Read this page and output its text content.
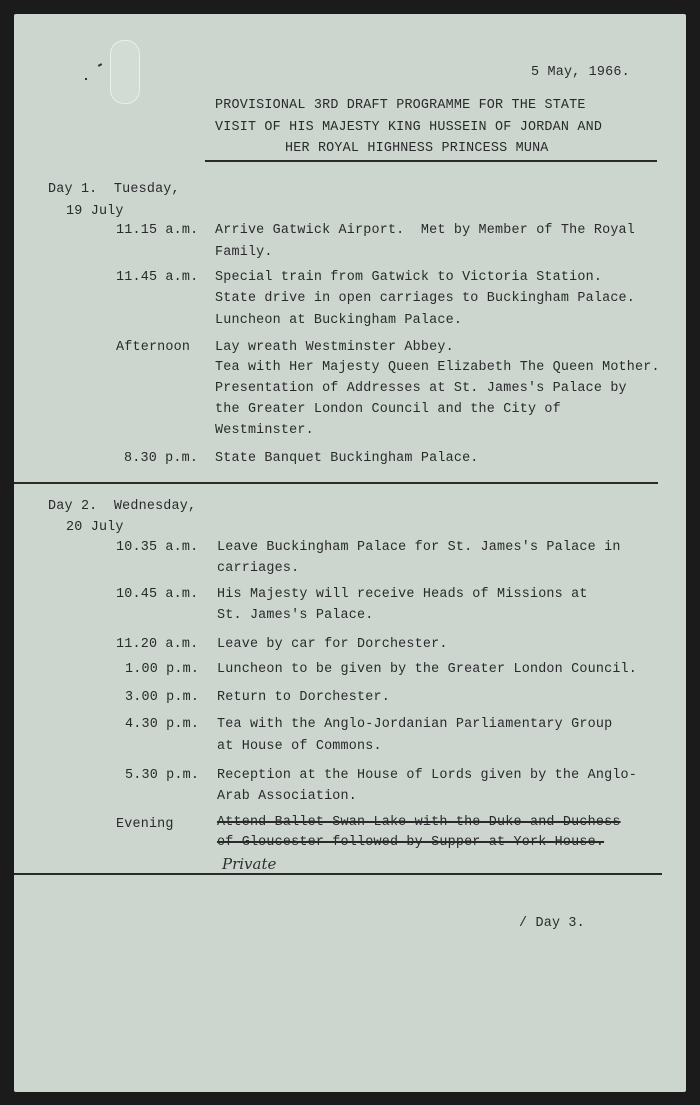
5 May, 1966.
PROVISIONAL 3RD DRAFT PROGRAMME FOR THE STATE
VISIT OF HIS MAJESTY KING HUSSEIN OF JORDAN AND
HER ROYAL HIGHNESS PRINCESS MUNA
Day 1.  Tuesday,
19 July
11.15 a.m. Arrive Gatwick Airport.  Met by Member of The Royal
Family.
11.45 a.m. Special train from Gatwick to Victoria Station.
State drive in open carriages to Buckingham Palace.
Luncheon at Buckingham Palace.
Afternoon Lay wreath Westminster Abbey.
Tea with Her Majesty Queen Elizabeth The Queen Mother.
Presentation of Addresses at St. James's Palace by
the Greater London Council and the City of
Westminster.
8.30 p.m. State Banquet Buckingham Palace.
Day 2.  Wednesday,
20 July
10.35 a.m. Leave Buckingham Palace for St. James's Palace in
carriages.
10.45 a.m. His Majesty will receive Heads of Missions at
St. James's Palace.
11.20 a.m. Leave by car for Dorchester.
1.00 p.m. Luncheon to be given by the Greater London Council.
3.00 p.m. Return to Dorchester.
4.30 p.m. Tea with the Anglo-Jordanian Parliamentary Group
at House of Commons.
5.30 p.m. Reception at the House of Lords given by the Anglo-
Arab Association.
Evening	Attend Ballet Swan Lake with the Duke and Duchess
of Gloucester followed by Supper at York House.
Private
/ Day 3.
